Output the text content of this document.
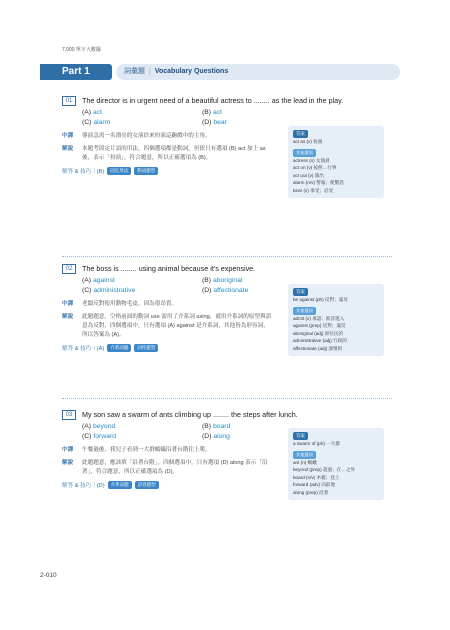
7,000 單字大數據
Part 1	詞彙題 | Vocabulary Questions
01	The director is in urgent need of a beautiful actress to ........ as the lead in the play.
(A) act	(B) act
(C) alarm	(D) bear
中譯	導演急需一名漂亮的女演員來扮演這齣戲中的主角。
解說	本題考固定片語的用法，四個選項都是動詞，但依只有選項 (B) act 加上 as 後，表示「扮演」，符合題意，所以正確選項為 (B)。
解答 & 技巧｜(B)	固定用法	動詞題型
答案
act as (v) 扮演
其他選項
actress (n) 女演員
act on (v) 按照…行事
act out (v) 演出
alarm (n/v) 警報；使驚恐
bear (v) 承受；忍受
02	The boss is ........ using animal because it's expensive.
(A) against	(B) aboriginal
(C) administrative	(D) affectionate
中譯	老闆反對使用動物毛皮，因為很昂貴。
解說	此題題意，空格前面的動詞 use 需用了介系詞 using，就用介系詞的原型與語意為反對，四個選項中，只有選項 (A) against 是介系詞，其他皆為形容詞，所以答案為 (A)。
解答 & 技巧｜(A)	介系詞題	詞性題型
答案
be against (ph) 反對；違反
其他選項
admit (v) 承認；准許進入
against (prep) 反對；違反
aboriginal (adj) 原住民的
administrative (adj) 行政的
affectionate (adj) 深情的
03	My son saw a swarm of ants climbing up ........ the steps after lunch.
(A) beyond	(B) board
(C) forward	(D) along
中譯	午餐過後，我兒子看到一大群螞蟻沿著台階往上爬。
解說	此題題意，應該填「沿著台階」，四個選項中，只有選項 (D) along 表示「沿著」，符合題意，所以正確選項為 (D)。
解答 & 技巧｜(D)	介系詞題	語意題型
答案
a swarm of (ph) 一大群
其他選項
ant (n) 螞蟻
beyond (prep) 超過；在…之外
board (n/v) 木板；登上
forward (adv) 向前地
along (prep) 沿著
2-010
